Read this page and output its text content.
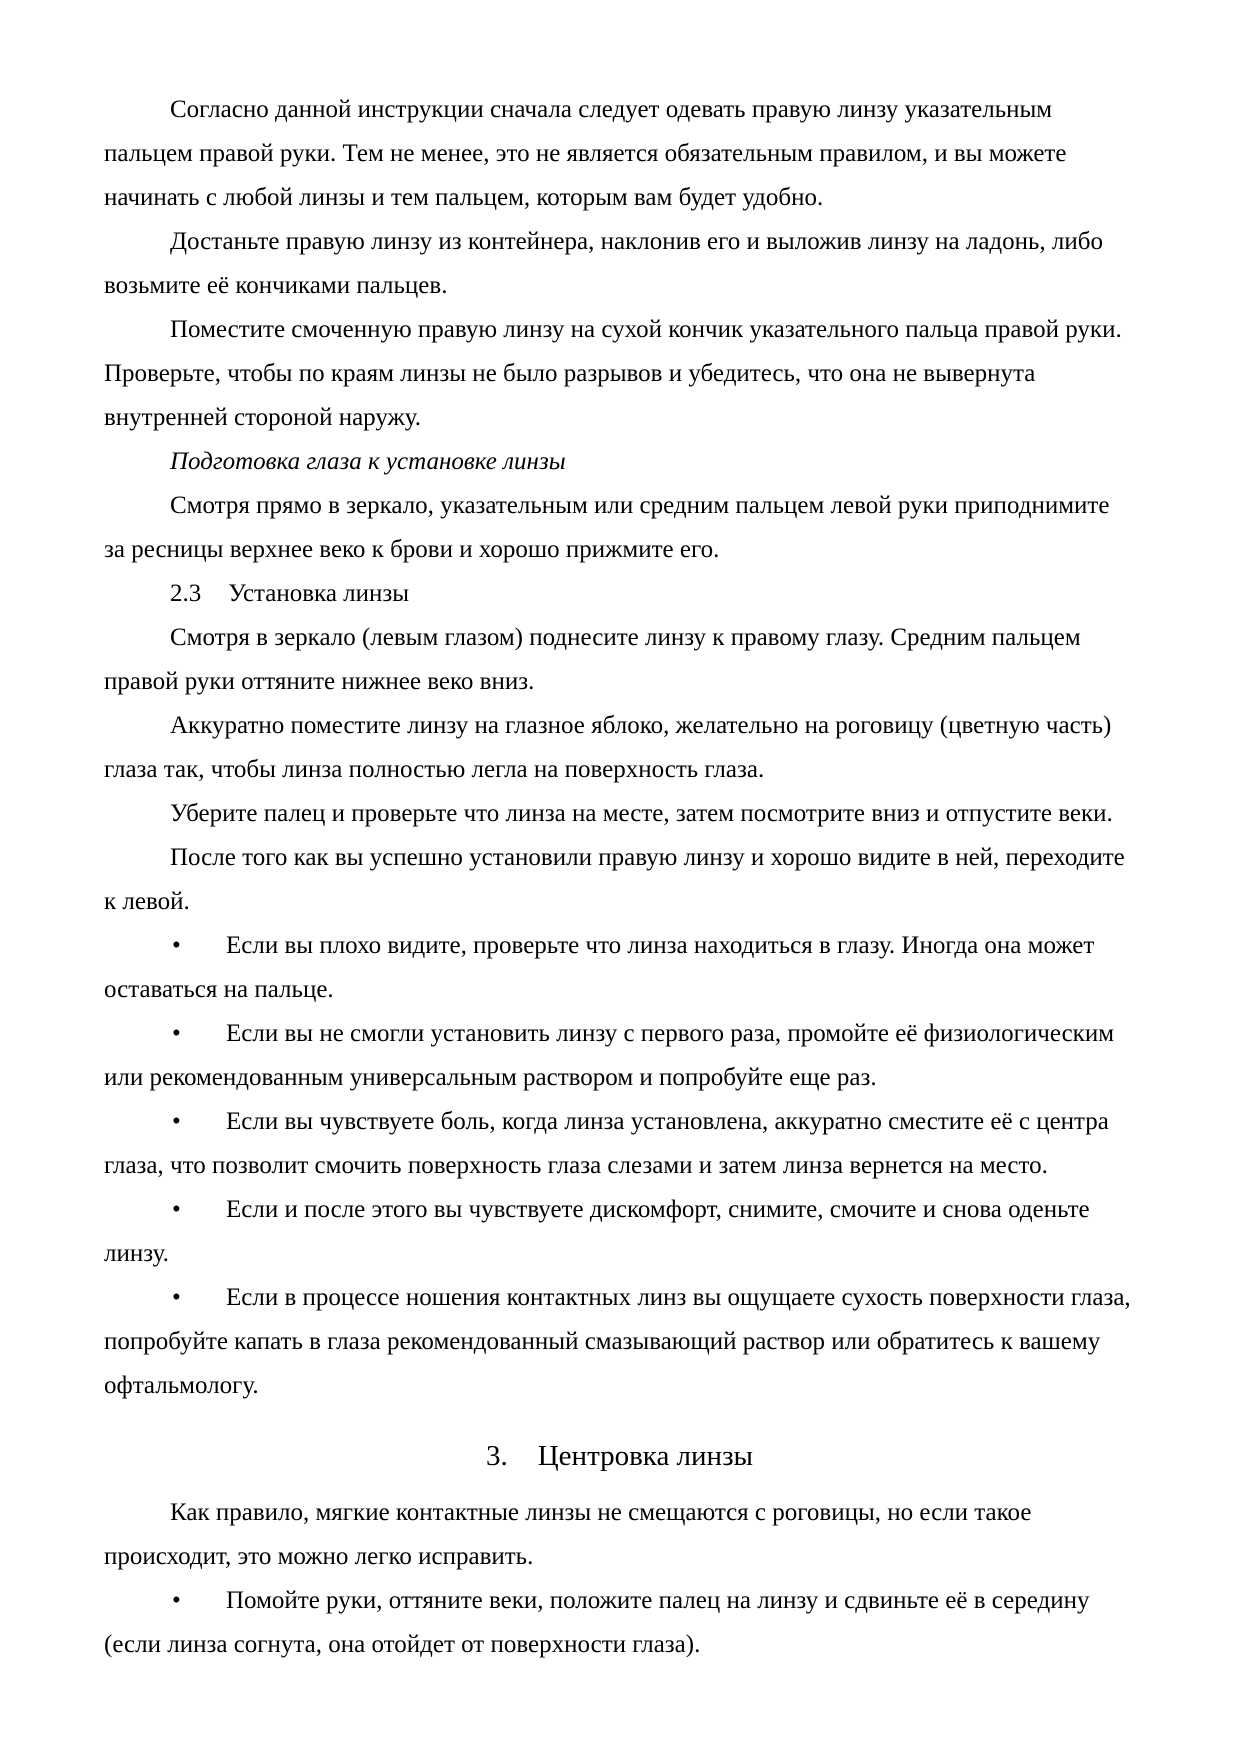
Согласно данной инструкции сначала следует одевать правую линзу указательным пальцем правой руки. Тем не менее, это не является обязательным правилом, и вы можете начинать с любой линзы и тем пальцем, которым вам будет удобно.

Достаньте правую линзу из контейнера, наклонив его и выложив линзу на ладонь, либо возьмите её кончиками пальцев.

Поместите смоченную правую линзу на сухой кончик указательного пальца правой руки. Проверьте, чтобы по краям линзы не было разрывов и убедитесь, что она не вывернута внутренней стороной наружу.

Подготовка глаза к установке линзы

Смотря прямо в зеркало, указательным или средним пальцем левой руки приподнимите за ресницы верхнее веко к брови и хорошо прижмите его.

2.3 Установка линзы

Смотря в зеркало (левым глазом) поднесите линзу к правому глазу. Средним пальцем правой руки оттяните нижнее веко вниз.

Аккуратно поместите линзу на глазное яблоко, желательно на роговицу (цветную часть) глаза так, чтобы линза полностью легла на поверхность глаза.

Уберите палец и проверьте что линза на месте, затем посмотрите вниз и отпустите веки.

После того как вы успешно установили правую линзу и хорошо видите в ней, переходите к левой.

• Если вы плохо видите, проверьте что линза находиться в глазу. Иногда она может оставаться на пальце.

• Если вы не смогли установить линзу с первого раза, промойте её физиологическим или рекомендованным универсальным раствором и попробуйте еще раз.

• Если вы чувствуете боль, когда линза установлена, аккуратно сместите её с центра глаза, что позволит смочить поверхность глаза слезами и затем линза вернется на место.

• Если и после этого вы чувствуете дискомфорт, снимите, смочите и снова оденьте линзу.

• Если в процессе ношения контактных линз вы ощущаете сухость поверхности глаза, попробуйте капать в глаза рекомендованный смазывающий раствор или обратитесь к вашему офтальмологу.

3. Центровка линзы

Как правило, мягкие контактные линзы не смещаются с роговицы, но если такое происходит, это можно легко исправить.

• Помойте руки, оттяните веки, положите палец на линзу и сдвиньте её в середину (если линза согнута, она отойдет от поверхности глаза).
